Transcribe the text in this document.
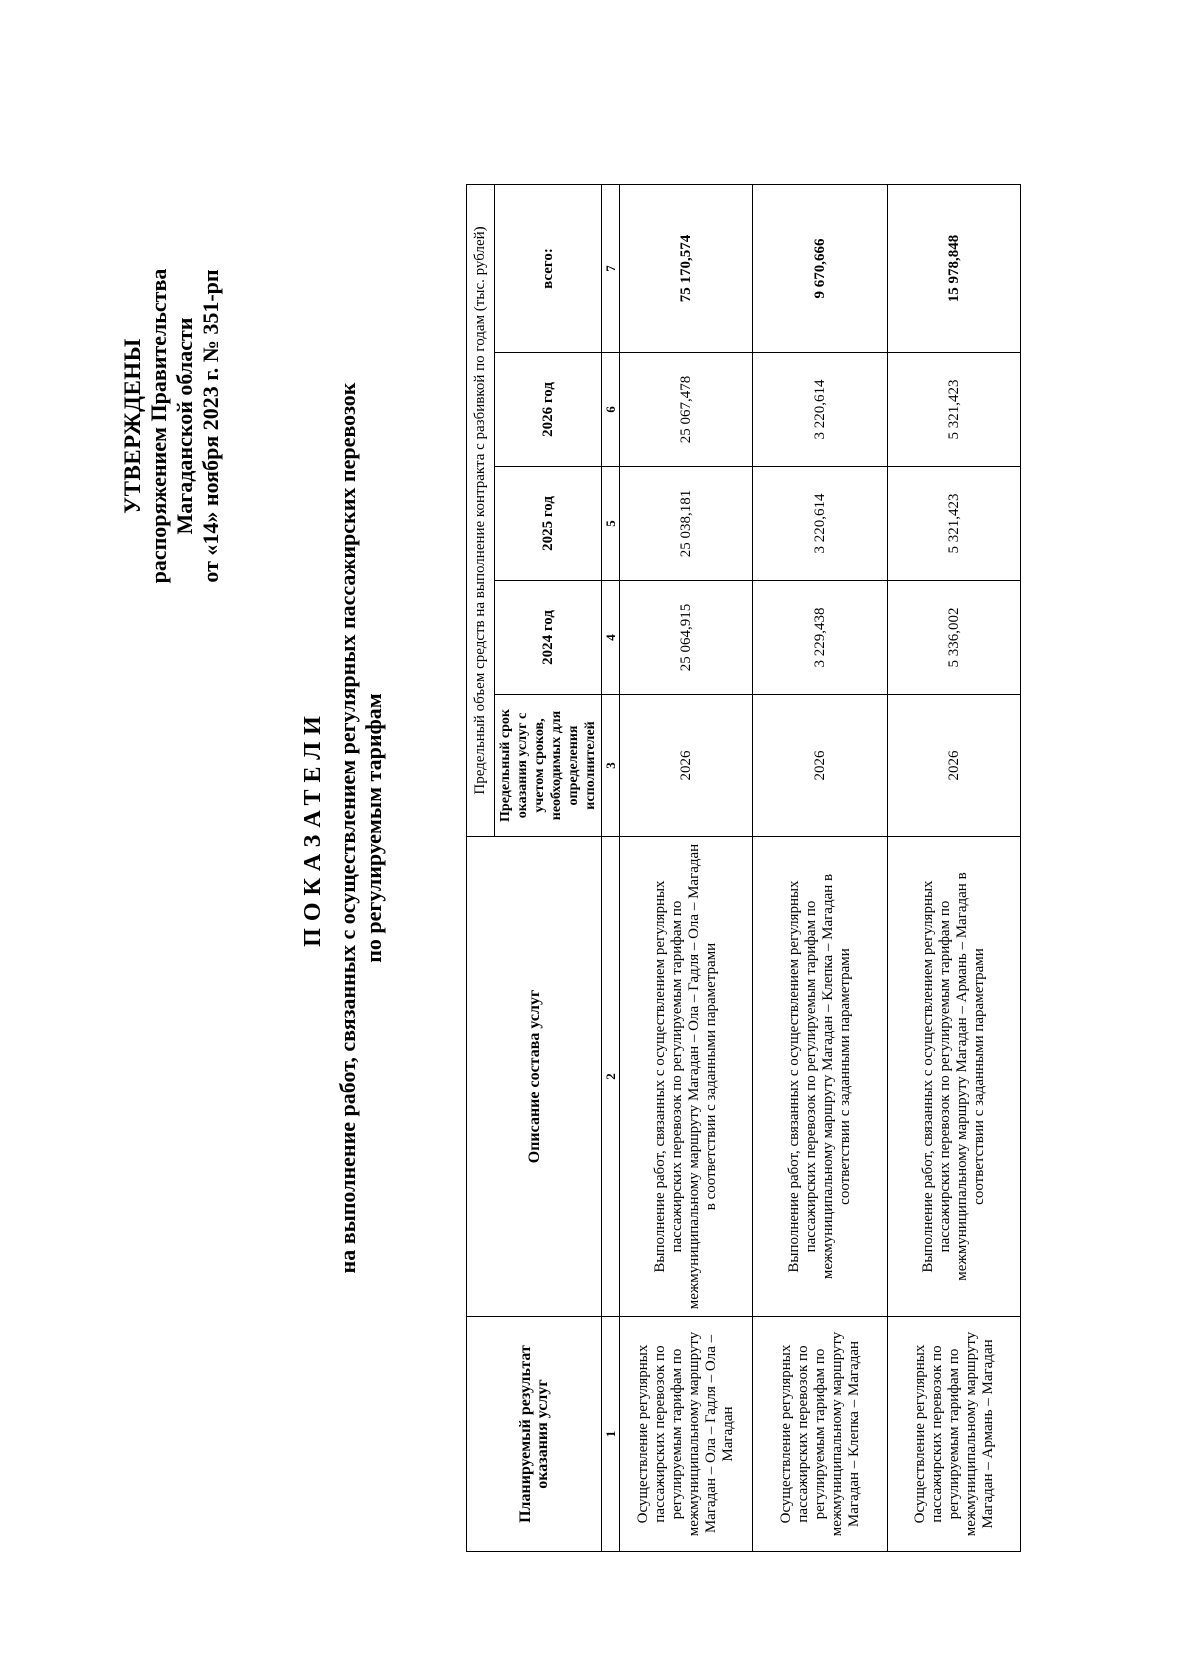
УТВЕРЖДЕНЫ распоряжением Правительства Магаданской области от «14» ноября 2023 г. № 351-рп
ПОКАЗАТЕЛИ на выполнение работ, связанных с осуществлением регулярных пассажирских перевозок по регулируемым тарифам
Планируемый результат оказания услуг	Описание состава услуг	Предельный объем средств на выполнение контракта с разбивкой по годам (тыс. рублей)				
		Предельный срок оказания услуг с учетом сроков, необходимых для определения исполнителей	2024 год	2025 год	2026 год	всего:
1	2	3	4	5	6	7
Осуществление регулярных пассажирских перевозок по регулируемым тарифам по межмуниципальному маршруту Магадан – Ола – Гадля – Ола – Магадан	Выполнение работ, связанных с осуществлением регулярных пассажирских перевозок по регулируемым тарифам по межмуниципальному маршруту Магадан – Ола – Гадля – Ола – Магадан в соответствии с заданными параметрами	2026	25 064,915	25 038,181	25 067,478	75 170,574
Осуществление регулярных пассажирских перевозок по регулируемым тарифам по межмуниципальному маршруту Магадан – Клепка – Магадан	Выполнение работ, связанных с осуществлением регулярных пассажирских перевозок по регулируемым тарифам по межмуниципальному маршруту Магадан – Клепка – Магадан в соответствии с заданными параметрами	2026	3 229,438	3 220,614	3 220,614	9 670,666
Осуществление регулярных пассажирских перевозок по регулируемым тарифам по межмуниципальному маршруту Магадан – Армань – Магадан	Выполнение работ, связанных с осуществлением регулярных пассажирских перевозок по регулируемым тарифам по межмуниципальному маршруту Магадан – Армань – Магадан в соответствии с заданными параметрами	2026	5 336,002	5 321,423	5 321,423	15 978,848
